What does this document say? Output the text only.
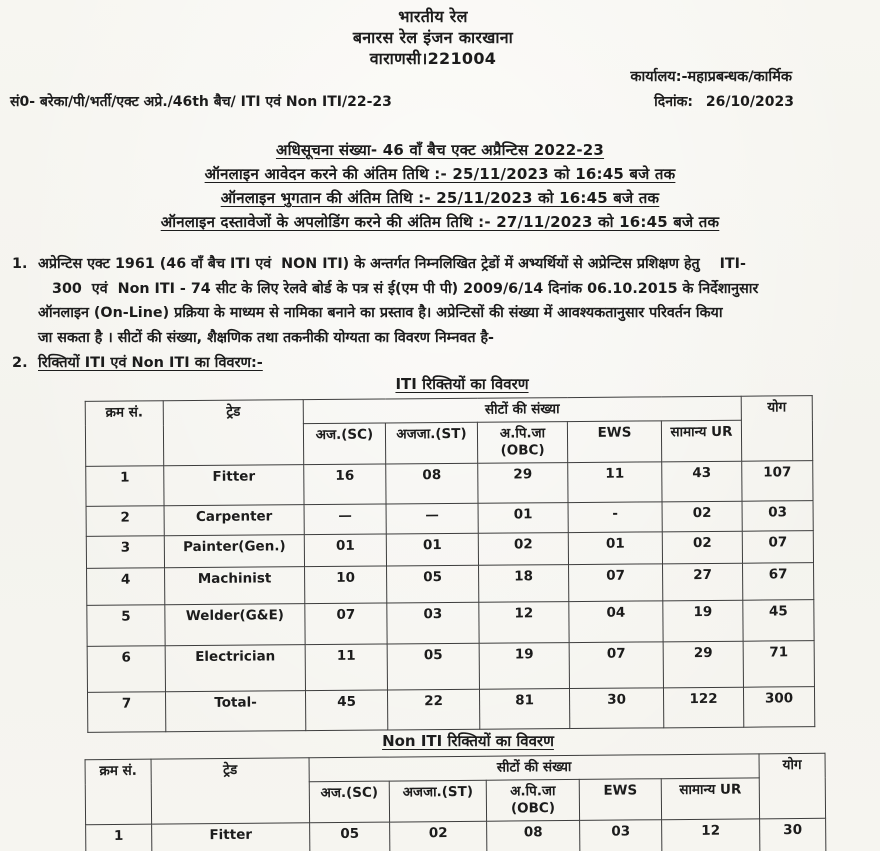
भारतीय रेल
बनारस रेल इंजन कारखाना
वाराणसी।221004
कार्यालय:-महाप्रबन्धक/कार्मिक
सं0- बरेका/पी/भर्ती/एक्ट अप्रे./46th बैच/ ITI एवं Non ITI/22-23	दिनांक: 26/10/2023
अधिसूचना संख्या- 46 वाँ बैच एक्ट अप्रैन्टिस 2022-23
ऑनलाइन आवेदन करने की अंतिम तिथि :- 25/11/2023 को 16:45 बजे तक
ऑनलाइन भुगतान की अंतिम तिथि :- 25/11/2023 को 16:45 बजे तक
ऑनलाइन दस्तावेजों के अपलोडिंग करने की अंतिम तिथि :- 27/11/2023 को 16:45 बजे तक
1. अप्रेन्टिस एक्ट 1961 (46 वाँ बैच ITI एवं  NON ITI) के अन्तर्गत निम्नलिखित ट्रेडों में अभ्यर्थियों से अप्रेन्टिस प्रशिक्षण हेतु    ITI-
300  एवं  Non ITI - 74 सीट के लिए रेलवे बोर्ड के पत्र सं ई(एम पी पी) 2009/6/14 दिनांक 06.10.2015 के निर्देशानुसार
ऑनलाइन (On-Line) प्रक्रिया के माध्यम से नामिका बनाने का प्रस्ताव है। अप्रेन्टिसों की संख्या में आवश्यकतानुसार परिवर्तन किया
जा सकता है । सीटों की संख्या, शैक्षणिक तथा तकनीकी योग्यता का विवरण निम्नवत है-
2. रिक्तियों ITI एवं Non ITI का विवरण:-
ITI रिक्तियों का विवरण
क्रम सं.	ट्रेड	सीटों की संख्या					योग
		अज.(SC)	अजजा.(ST)	अ.पि.जा (OBC)	EWS	सामान्य UR	
1	Fitter	16	08	29	11	43	107
2	Carpenter	—	—	01	-	02	03
3	Painter(Gen.)	01	01	02	01	02	07
4	Machinist	10	05	18	07	27	67
5	Welder(G&E)	07	03	12	04	19	45
6	Electrician	11	05	19	07	29	71
7	Total-	45	22	81	30	122	300
Non ITI रिक्तियों का विवरण
क्रम सं.	ट्रेड	सीटों की संख्या					योग
		अज.(SC)	अजजा.(ST)	अ.पि.जा (OBC)	EWS	सामान्य UR	
1	Fitter	05	02	08	03	12	30
